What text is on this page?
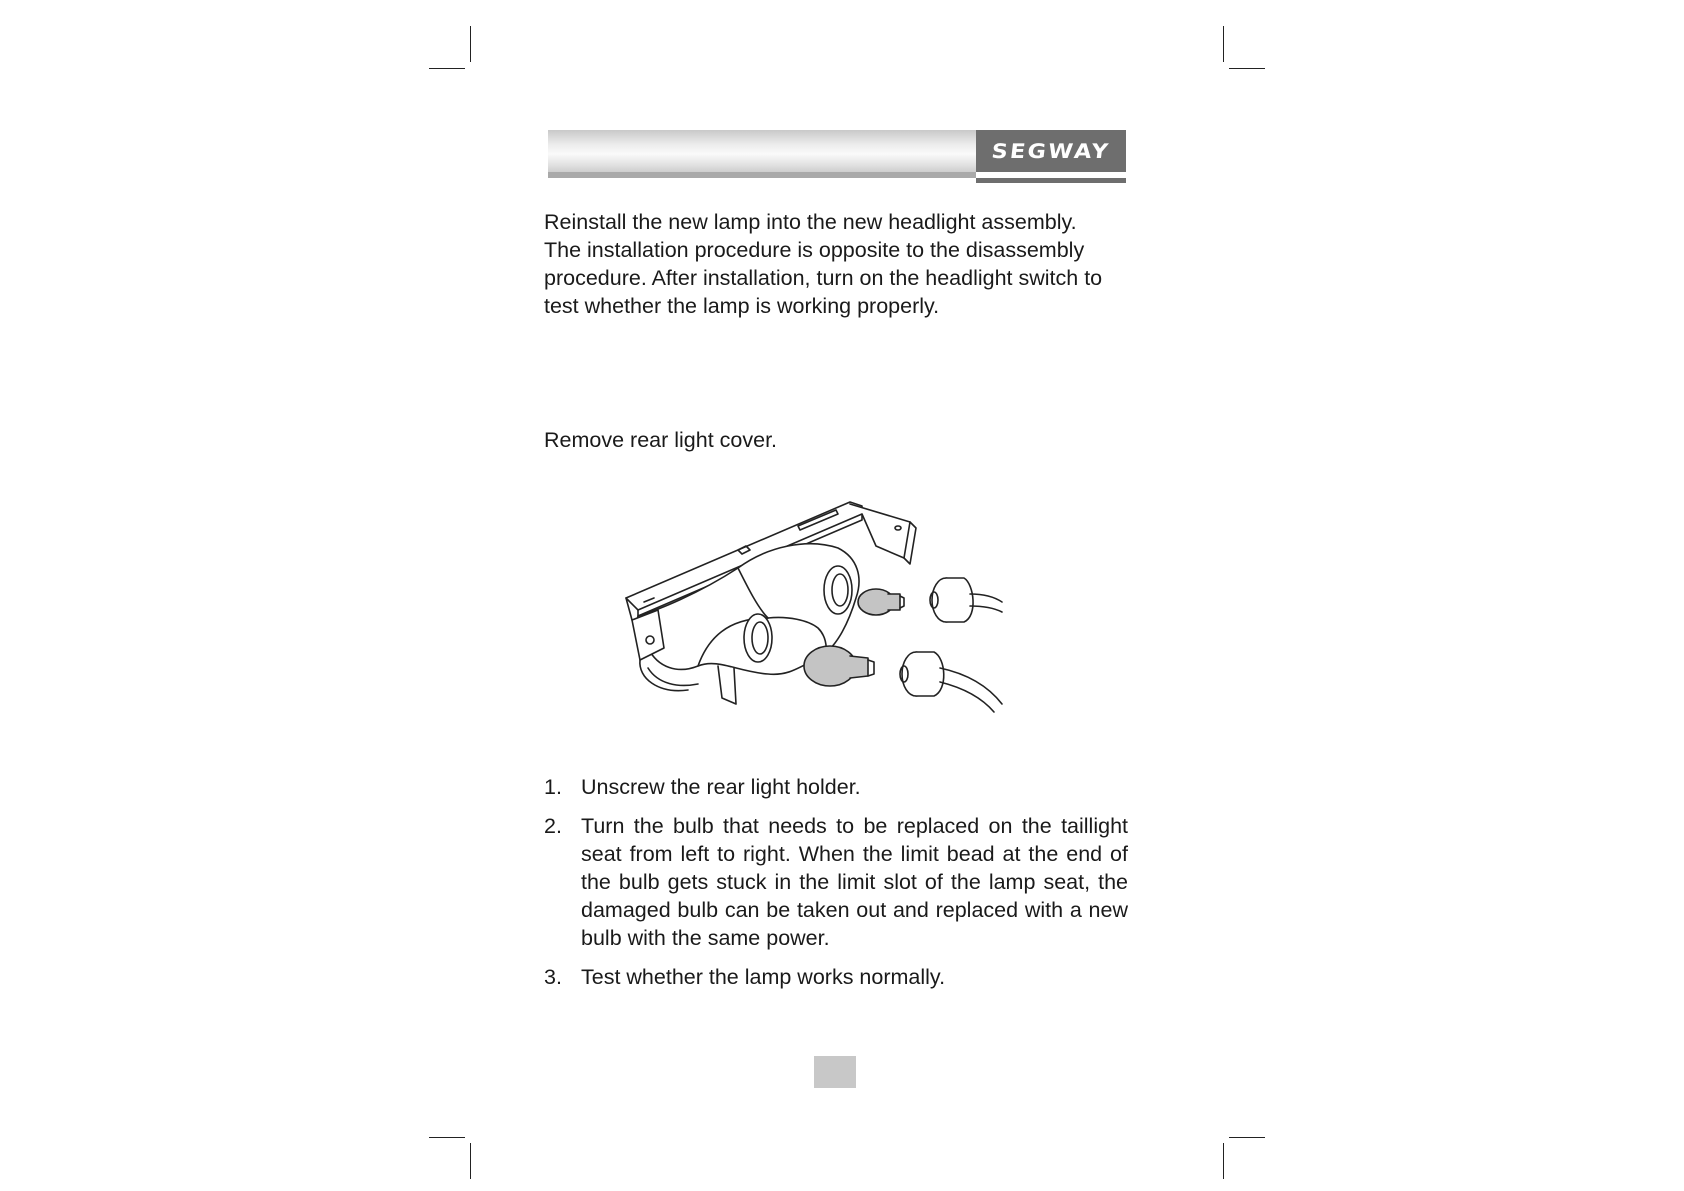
SEGWAY
Reinstall the new lamp into the new headlight assembly.
The installation procedure is opposite to the disassembly
procedure. After installation, turn on the headlight switch to
test whether the lamp is working properly.
Remove rear light cover.
1. Unscrew the rear light holder.
2. Turn the bulb that needs to be replaced on the taillight seat from left to right. When the limit bead at the end of the bulb gets stuck in the limit slot of the lamp seat, the damaged bulb can be taken out and replaced with a new bulb with the same power.
3. Test whether the lamp works normally.
